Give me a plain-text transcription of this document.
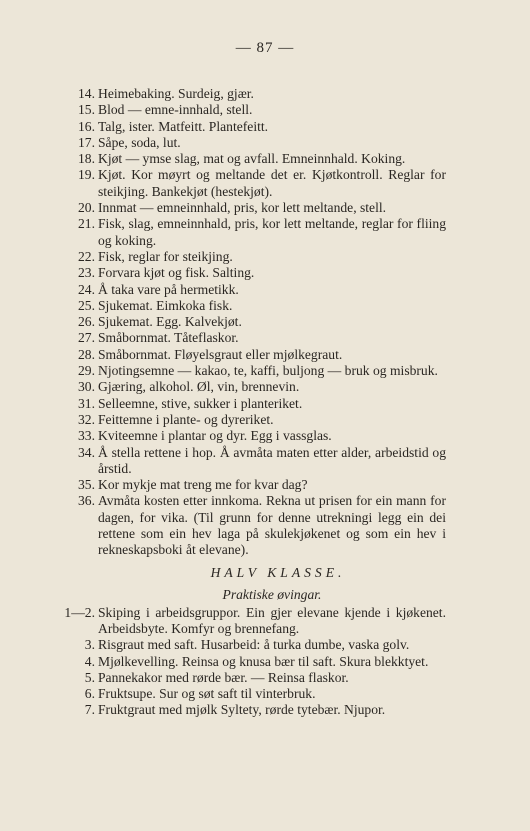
— 87 —
14. Heimebaking. Surdeig, gjær.
15. Blod — emne-innhald, stell.
16. Talg, ister. Matfeitt. Plantefeitt.
17. Såpe, soda, lut.
18. Kjøt — ymse slag, mat og avfall. Emneinnhald. Koking.
19. Kjøt. Kor møyrt og meltande det er. Kjøtkontroll. Reglar for steikjing. Bankekjøt (hestekjøt).
20. Innmat — emneinnhald, pris, kor lett meltande, stell.
21. Fisk, slag, emneinnhald, pris, kor lett meltande, reglar for fliing og koking.
22. Fisk, reglar for steikjing.
23. Forvara kjøt og fisk. Salting.
24. Å taka vare på hermetikk.
25. Sjukemat. Eimkoka fisk.
26. Sjukemat. Egg. Kalvekjøt.
27. Småbornmat. Tåteflaskor.
28. Småbornmat. Fløyelsgraut eller mjølkegraut.
29. Njotingsemne — kakao, te, kaffi, buljong — bruk og misbruk.
30. Gjæring, alkohol. Øl, vin, brennevin.
31. Selleemne, stive, sukker i planteriket.
32. Feittemne i plante- og dyreriket.
33. Kviteemne i plantar og dyr. Egg i vassglas.
34. Å stella rettene i hop. Å avmåta maten etter alder, arbeidstid og årstid.
35. Kor mykje mat treng me for kvar dag?
36. Avmåta kosten etter innkoma. Rekna ut prisen for ein mann for dagen, for vika. (Til grunn for denne utrekningi legg ein dei rettene som ein hev laga på skulekjøkenet og som ein hev i rekneskapsboki åt elevane).
HALV KLASSE.
Praktiske øvingar.
1—2. Skiping i arbeidsgruppor. Ein gjer elevane kjende i kjøkenet. Arbeidsbyte. Komfyr og brennefang.
3. Risgraut med saft. Husarbeid: å turka dumbe, vaska golv.
4. Mjølkevelling. Reinsa og knusa bær til saft. Skura blekktyet.
5. Pannekakor med rørde bær. — Reinsa flaskor.
6. Fruktsupe. Sur og søt saft til vinterbruk.
7. Fruktgraut med mjølk Syltety, rørde tytebær. Njupor.
